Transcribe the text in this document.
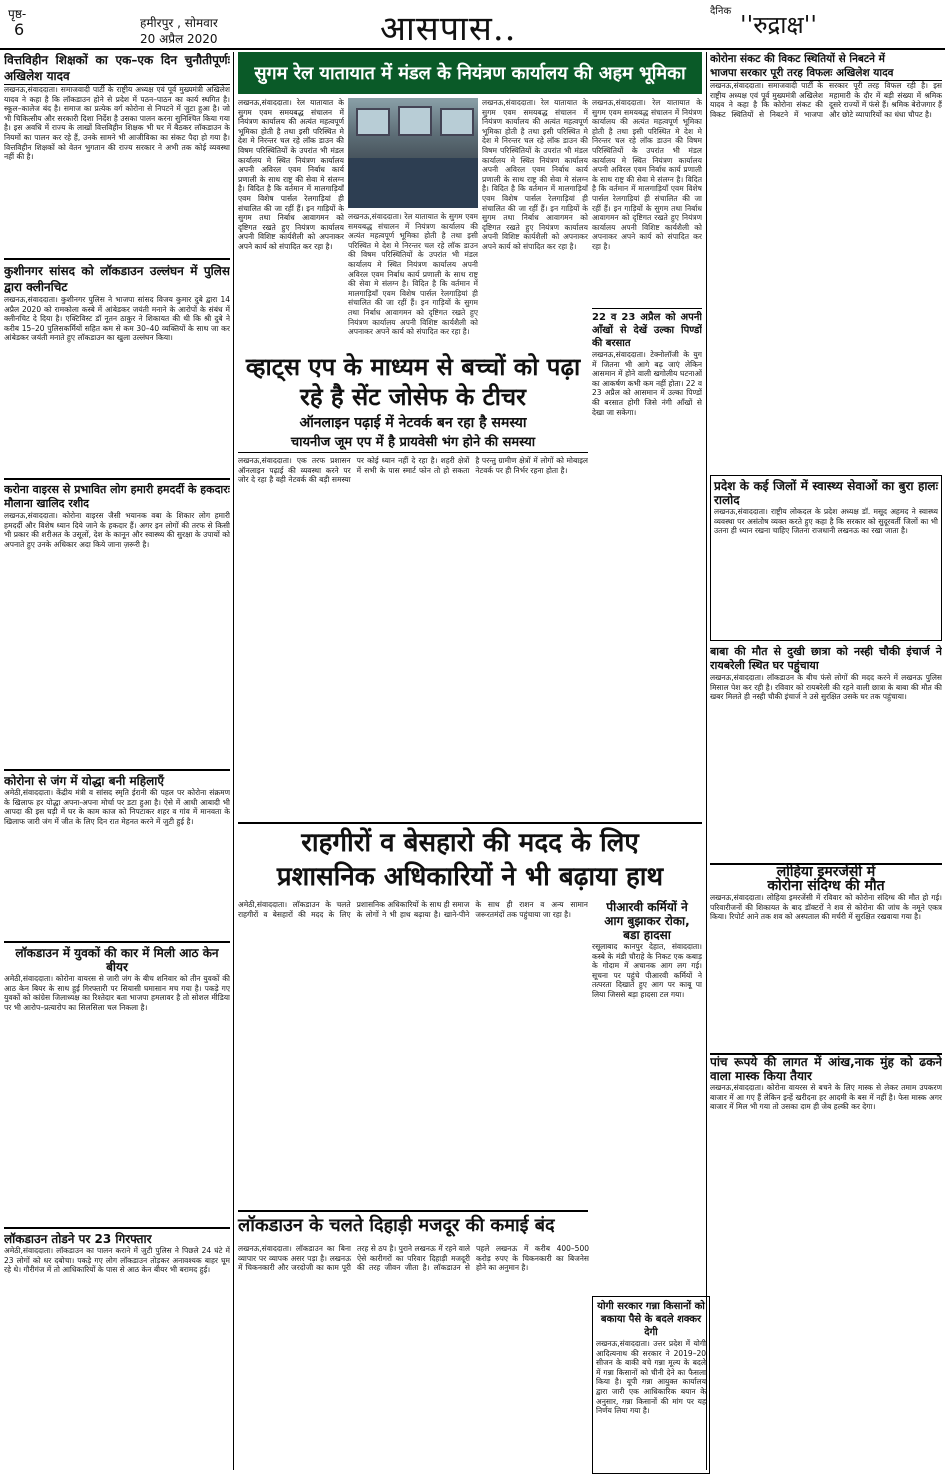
पृष्ठ-
6	हमीरपुर , सोमवार
20 अप्रैल 2020	आसपास..	दैनिक ''रुद्राक्ष''
वित्तविहीन शिक्षकों का एक–एक दिन चुनौतीपूर्णः अखिलेश यादव
लखनऊ,संवाददाता। समाजवादी पार्टी के राष्ट्रीय अध्यक्ष एवं पूर्व मुख्यमंत्री अखिलेश यादव ने कहा है कि लॉकडाउन होने से प्रदेश में पठन–पाठन का कार्य स्थगित है। स्कूल–कालेज बंद है। समाज का प्रत्येक वर्ग कोरोना से निपटने में जुटा हुआ है। जो भी चिकित्सीय और सरकारी दिशा निर्देश है उसका पालन करना सुनिश्चित किया गया है। इस अवधि में राज्य के लाखों वित्तविहीन शिक्षक भी घर में बैठकर लॉकडाउन के नियमों का पालन कर रहे हैं, उनके सामने भी आजीविका का संकट पैदा हो गया है। वित्तविहीन शिक्षकों को वेतन भुगतान की राज्य सरकार ने अभी तक कोई व्यवस्था नहीं की है।
कुशीनगर सांसद को लॉकडाउन उल्लंघन में पुलिस द्वारा क्लीनचिट
लखनऊ,संवाददाता। कुशीनगर पुलिस ने भाजपा सांसद विजय कुमार दुबे द्वारा 14 अप्रैल 2020 को रामकोला कस्बे में आंबेडकर जयंती मनाने के आरोपों के संबंध में क्लीनचिट दे दिया है। एक्टिविस्ट डॉ नूतन ठाकुर ने शिकायत की थी कि श्री दुबे ने करीब 15–20 पुलिसकर्मियों सहित कम से कम 30–40 व्यक्तियों के साथ जा कर आंबेडकर जयंती मनाते हुए लॉकडाउन का खुला उल्लंघन किया।
करोना वाइरस से प्रभावित लोग हमारी हमदर्दी के हकदारः मौलाना खालिद रशीद
लखनऊ,संवाददाता। कोरोना वाइरस जैसी भयानक वबा के शिकार लोग हमारी हमदर्दी और विशेष ध्यान दिये जाने के हकदार हैं। अगर इन लोगों की तरफ से किसी भी प्रकार की शरीअत के उसूलों, देश के कानून और स्वास्थ्य की सुरक्षा के उपायों को अपनाते हुए उनके अधिकार अदा किये जाना ज़रूरी है।
कोरोना से जंग में योद्धा बनी महिलाएँ
अमेठी,संवाददाता। केंद्रीय मंत्री व सांसद स्मृति ईरानी की पहल पर कोरोना संक्रमण के खिलाफ हर योद्धा अपना-अपना मोर्चा पर डटा हुआ है। ऐसे में आधी आबादी भी आपदा की इस घड़ी में घर के काम काज को निपटाकर शहर व गांव में मानवता के खिलाफ जारी जंग में जीत के लिए दिन रात मेहनत करने में जुटी हुई है।
लॉकडाउन में युवकों की कार में मिली आठ केन बीयर
अमेठी,संवाददाता। कोरोना वायरस से जारी जंग के बीच शनिवार को तीन युवकों की आठ केन बियर के साथ हुई गिरफ्तारी पर सियासी घमासान मच गया है। पकड़े गए युवकों को कांग्रेस जिलाध्यक्ष का रिश्तेदार बता भाजपा हमलावर है तो सोशल मीडिया पर भी आरोप–प्रत्यारोप का सिलसिला चल निकला है।
लॉकडाउन तोडने पर 23 गिरफ्तार
अमेठी,संवाददाता। लॉकडाउन का पालन कराने में जुटी पुलिस ने पिछले 24 घंटे में 23 लोगों को धर दबोचा। पकड़े गए लोग लॉकडाउन तोड़कर अनावश्यक बाहर घूम रहे थे। गौरीगंज में तो आधिकारियों के पास से आठ केन बीयर भी बरामद हुई।
सुगम रेल यातायात में मंडल के नियंत्रण कार्यालय की अहम भूमिका
लखनऊ,संवाददाता। रेल यातायात के सुगम एवम समयबद्ध संचालन में नियंत्रण कार्यालय की अत्यंत महत्वपूर्ण भूमिका होती है तथा इसी परिस्थित मे देश मे निरन्तर चल रहे लॉक डाउन की विषम परिस्थितियों के उपरांत भी मंडल कार्यालय मे स्थित नियंत्रण कार्यालय अपनी अविरल एवम निर्बाध कार्य प्रणाली के साथ राष्ट्र की सेवा मे संलग्न है। विदित है कि वर्तमान में मालगाड़ियाँ एवम विशेष पार्सल रेलगाड़ियां ही संचालित की जा रहीं हैं। इन गाड़ियों के सुगम तथा निर्बाध आवागमन को दृष्टिगत रखते हुए नियंत्रण कार्यालय अपनी विशिष्ट कार्यशैली को अपनाकर अपने कार्य को संपादित कर रहा है।
लखनऊ,संवाददाता। रेल यातायात के सुगम एवम समयबद्ध संचालन में नियंत्रण कार्यालय की अत्यंत महत्वपूर्ण भूमिका होती है तथा इसी परिस्थित मे देश मे निरन्तर चल रहे लॉक डाउन की विषम परिस्थितियों के उपरांत भी मंडल कार्यालय मे स्थित नियंत्रण कार्यालय अपनी अविरल एवम निर्बाध कार्य प्रणाली के साथ राष्ट्र की सेवा मे संलग्न है। विदित है कि वर्तमान में मालगाड़ियाँ एवम विशेष पार्सल रेलगाड़ियां ही संचालित की जा रहीं हैं। इन गाड़ियों के सुगम तथा निर्बाध आवागमन को दृष्टिगत रखते हुए नियंत्रण कार्यालय अपनी विशिष्ट कार्यशैली को अपनाकर अपने कार्य को संपादित कर रहा है।
लखनऊ,संवाददाता। रेल यातायात के सुगम एवम समयबद्ध संचालन में नियंत्रण कार्यालय की अत्यंत महत्वपूर्ण भूमिका होती है तथा इसी परिस्थित मे देश मे निरन्तर चल रहे लॉक डाउन की विषम परिस्थितियों के उपरांत भी मंडल कार्यालय मे स्थित नियंत्रण कार्यालय अपनी अविरल एवम निर्बाध कार्य प्रणाली के साथ राष्ट्र की सेवा मे संलग्न है। विदित है कि वर्तमान में मालगाड़ियाँ एवम विशेष पार्सल रेलगाड़ियां ही संचालित की जा रहीं हैं। इन गाड़ियों के सुगम तथा निर्बाध आवागमन को दृष्टिगत रखते हुए नियंत्रण कार्यालय अपनी विशिष्ट कार्यशैली को अपनाकर अपने कार्य को संपादित कर रहा है।
लखनऊ,संवाददाता। रेल यातायात के सुगम एवम समयबद्ध संचालन में नियंत्रण कार्यालय की अत्यंत महत्वपूर्ण भूमिका होती है तथा इसी परिस्थित मे देश मे निरन्तर चल रहे लॉक डाउन की विषम परिस्थितियों के उपरांत भी मंडल कार्यालय मे स्थित नियंत्रण कार्यालय अपनी अविरल एवम निर्बाध कार्य प्रणाली के साथ राष्ट्र की सेवा मे संलग्न है। विदित है कि वर्तमान में मालगाड़ियाँ एवम विशेष पार्सल रेलगाड़ियां ही संचालित की जा रहीं हैं। इन गाड़ियों के सुगम तथा निर्बाध आवागमन को दृष्टिगत रखते हुए नियंत्रण कार्यालय अपनी विशिष्ट कार्यशैली को अपनाकर अपने कार्य को संपादित कर रहा है।
22 व 23 अप्रैल को अपनी आँखों से देखें उल्का पिण्डों की बरसात
लखनऊ,संवाददाता। टेक्नोलॉजी के युग में जितना भी आगे बढ़ जाएं लेकिन आसमान में होने वाली खगोलीय घटनाओं का आकर्षण कभी कम नहीं होता। 22 व 23 अप्रैल को आसमान में उल्का पिण्डों की बरसात होगी जिसे नंगी आँखों से देखा जा सकेगा।
व्हाट्स एप के माध्यम से बच्चों को पढ़ा रहे है सेंट जोसेफ के टीचर
ऑनलाइन पढ़ाई में नेटवर्क बन रहा है समस्या
चायनीज जूम एप में है प्रायवेसी भंग होने की समस्या
लखनऊ,संवाददाता। एक तरफ प्रशासन ऑनलाइन पढ़ाई की व्यवस्था करने पर जोर दे रहा है वही नेटवर्क की बड़ी समस्या पर कोई ध्यान नहीं दे रहा है। शहरी क्षेत्रों में सभी के पास स्मार्ट फोन तो हो सकता है परन्तु ग्रामीण क्षेत्रों में लोगों को मोबाइल नेटवर्क पर ही निर्भर रहना होता है।
राहगीरों व बेसहारो की मदद के लिए
प्रशासनिक अधिकारियों ने भी बढ़ाया हाथ
अमेठी,संवाददाता। लॉकडाउन के चलते राहगीरों व बेसहारों की मदद के लिए प्रशासनिक अधिकारियों के साथ ही समाज के लोगों ने भी हाथ बढ़ाया है। खाने-पीने के साथ ही राशन व अन्य सामान जरूरतमंदों तक पहुंचाया जा रहा है।
पीआरवी कर्मियों ने
आग बुझाकर रोका,
बडा हादसा
रसूलाबाद कानपुर देहात, संवाददाता। कस्बे के मंडी चौराहे के निकट एक कबाड़ के गोदाम में अचानक आग लग गई। सूचना पर पहुंचे पीआरवी कर्मियों ने तत्परता दिखाते हुए आग पर काबू पा लिया जिससे बड़ा हादसा टल गया।
लॉकडाउन के चलते दिहाड़ी मजदूर की कमाई बंद
लखनऊ,संवाददाता। लॉकडाउन का बिना व्यापार पर व्यापक असर पड़ा है। लखनऊ में चिकनकारी और जरदोजी का काम पूरी तरह से ठप है। पुराने लखनऊ में रहने वाले ऐसे कारीगरों का परिवार दिहाड़ी मजदूरी की तरह जीवन जीता है। लॉकडाउन से पहले लखनऊ में करीब 400–500 करोड़ रुपए के चिकनकारी का बिजनेस होने का अनुमान है।
योगी सरकार गन्ना किसानों को बकाया पैसे के बदले शक्कर देगी
लखनऊ,संवाददाता। उत्तर प्रदेश में योगी आदित्यनाथ की सरकार ने 2019–20 सीजन के बाकी बचे गन्ना मूल्य के बदले में गन्ना किसानों को चीनी देने का फैसला किया है। यूपी गन्ना आयुक्त कार्यालय द्वारा जारी एक आधिकारिक बयान के अनुसार, गन्ना किसानों की मांग पर यह निर्णय लिया गया है।
कोरोना संकट की विकट स्थितियों से निबटने में
भाजपा सरकार पूरी तरह विफलः अखिलेश यादव
लखनऊ,संवाददाता। समाजवादी पार्टी के राष्ट्रीय अध्यक्ष एवं पूर्व मुख्यमंत्री अखिलेश यादव ने कहा है कि कोरोना संकट की विकट स्थितियों से निबटने में भाजपा सरकार पूरी तरह विफल रही है। इस महामारी के दौर में बड़ी संख्या में श्रमिक दूसरे राज्यों में फंसे हैं। श्रमिक बेरोजगार हैं और छोटे व्यापारियों का धंधा चौपट है।
प्रदेश के कई जिलों में स्वास्थ्य सेवाओं का बुरा हालः रालोद
लखनऊ,संवाददाता। राष्ट्रीय लोकदल के प्रदेश अध्यक्ष डॉ. मसूद अहमद ने स्वास्थ्य व्यवस्था पर असंतोष व्यक्त करते हुए कहा है कि सरकार को सुदूरवर्ती जिलों का भी उतना ही ध्यान रखना चाहिए जितना राजधानी लखनऊ का रखा जाता है।
बाबा की मौत से दुखी छात्रा को नस्ही चौकी इंचार्ज ने रायबरेली स्थित घर पहुंचाया
लखनऊ,संवाददाता। लॉकडाउन के बीच फंसे लोगों की मदद करने में लखनऊ पुलिस मिसाल पेश कर रही है। रविवार को रायबरेली की रहने वाली छात्रा के बाबा की मौत की खबर मिलते ही नस्ही चौकी इंचार्ज ने उसे सुरक्षित उसके घर तक पहुंचाया।
लोहिया इमरजेंसी में
कोरोना संदिग्ध की मौत
लखनऊ,संवाददाता। लोहिया इमरजेंसी में रविवार को कोरोना संदिग्ध की मौत हो गई। परिवारीजनों की शिकायत के बाद डॉक्टरों ने शव से कोरोना की जांच के नमूने एकत्र किया। रिपोर्ट आने तक शव को अस्पताल की मर्चरी में सुरक्षित रखवाया गया है।
पांच रूपये की लागत में आंख,नाक मुंह को ढकने वाला मास्क किया तैयार
लखनऊ,संवाददाता। कोरोना वायरस से बचने के लिए मास्क से लेकर तमाम उपकरण बाजार में आ गए हैं लेकिन इन्हें खरीदना हर आदमी के बस में नहीं है। फेस मास्क अगर बाजार में मिल भी गया तो उसका दाम ही जेब हल्की कर देगा।
